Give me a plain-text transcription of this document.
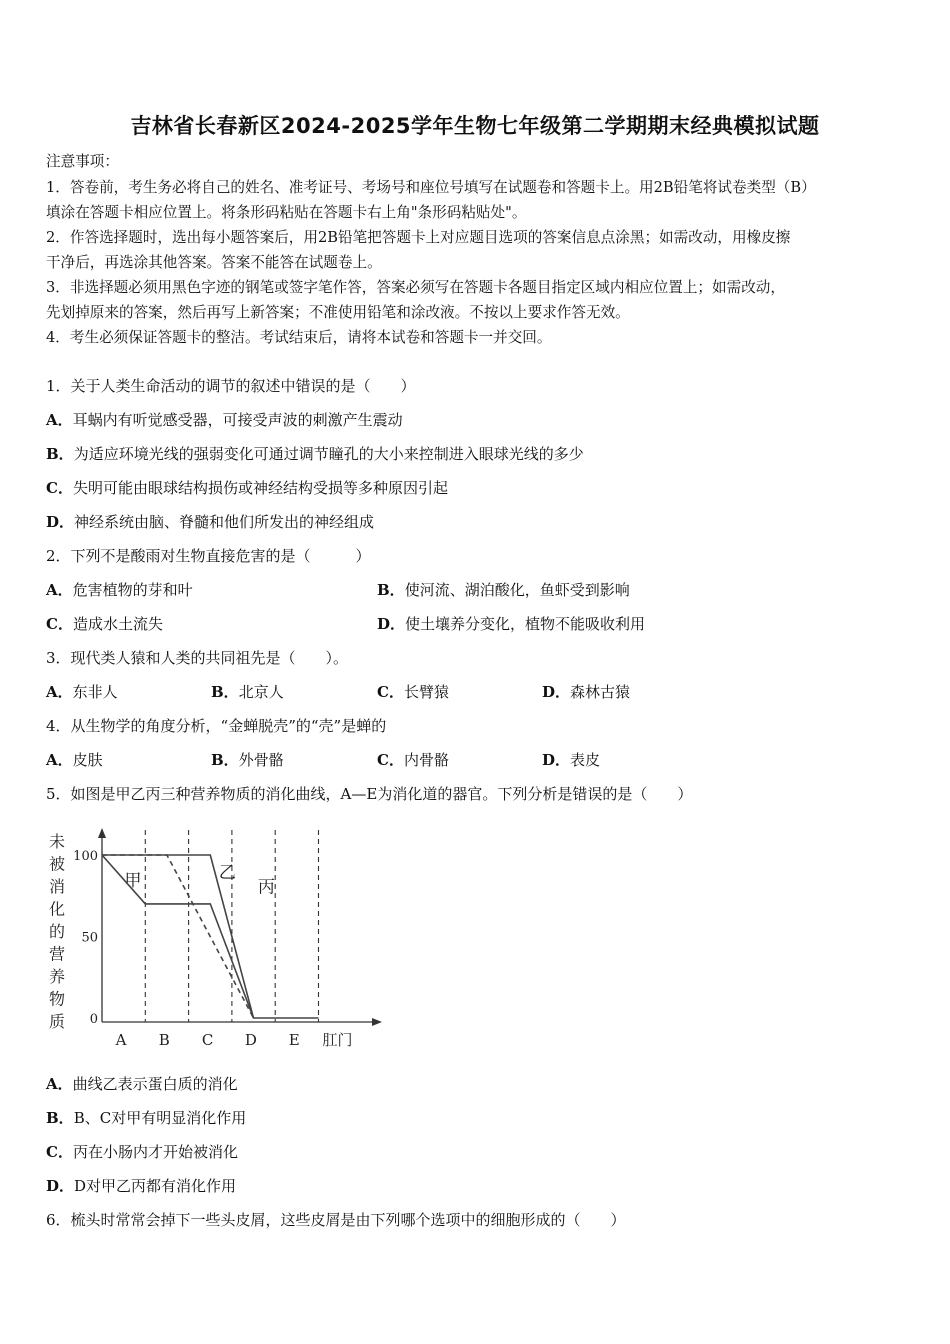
吉林省长春新区2024-2025学年生物七年级第二学期期末经典模拟试题
注意事项：
1．答卷前，考生务必将自己的姓名、准考证号、考场号和座位号填写在试题卷和答题卡上。用2B铅笔将试卷类型（B）
填涂在答题卡相应位置上。将条形码粘贴在答题卡右上角"条形码粘贴处"。
2．作答选择题时，选出每小题答案后，用2B铅笔把答题卡上对应题目选项的答案信息点涂黑；如需改动，用橡皮擦
干净后，再选涂其他答案。答案不能答在试题卷上。
3．非选择题必须用黑色字迹的钢笔或签字笔作答，答案必须写在答题卡各题目指定区域内相应位置上；如需改动，
先划掉原来的答案，然后再写上新答案；不准使用铅笔和涂改液。不按以上要求作答无效。
4．考生必须保证答题卡的整洁。考试结束后，请将本试卷和答题卡一并交回。
1．关于人类生命活动的调节的叙述中错误的是（　　）
A．耳蜗内有听觉感受器，可接受声波的刺激产生震动
B．为适应环境光线的强弱变化可通过调节瞳孔的大小来控制进入眼球光线的多少
C．失明可能由眼球结构损伤或神经结构受损等多种原因引起
D．神经系统由脑、脊髓和他们所发出的神经组成
2．下列不是酸雨对生物直接危害的是（　　　）
A．危害植物的芽和叶	B．使河流、湖泊酸化，鱼虾受到影响
C．造成水土流失	D．使土壤养分变化，植物不能吸收利用
3．现代类人猿和人类的共同祖先是（　　）。
A．东非人	B．北京人	C．长臂猿	D．森林古猿
4．从生物学的角度分析，“金蝉脱壳”的“壳”是蝉的
A．皮肤	B．外骨骼	C．内骨骼	D．表皮
5．如图是甲乙丙三种营养物质的消化曲线，A—E为消化道的器官。下列分析是错误的是（　　）
未
被
消
化
的
营
养
物
质
100
50
0
A B C D E 肛门
甲	乙
丙
A．曲线乙表示蛋白质的消化
B．B、C对甲有明显消化作用
C．丙在小肠内才开始被消化
D．D对甲乙丙都有消化作用
6．梳头时常常会掉下一些头皮屑，这些皮屑是由下列哪个选项中的细胞形成的（　　）
